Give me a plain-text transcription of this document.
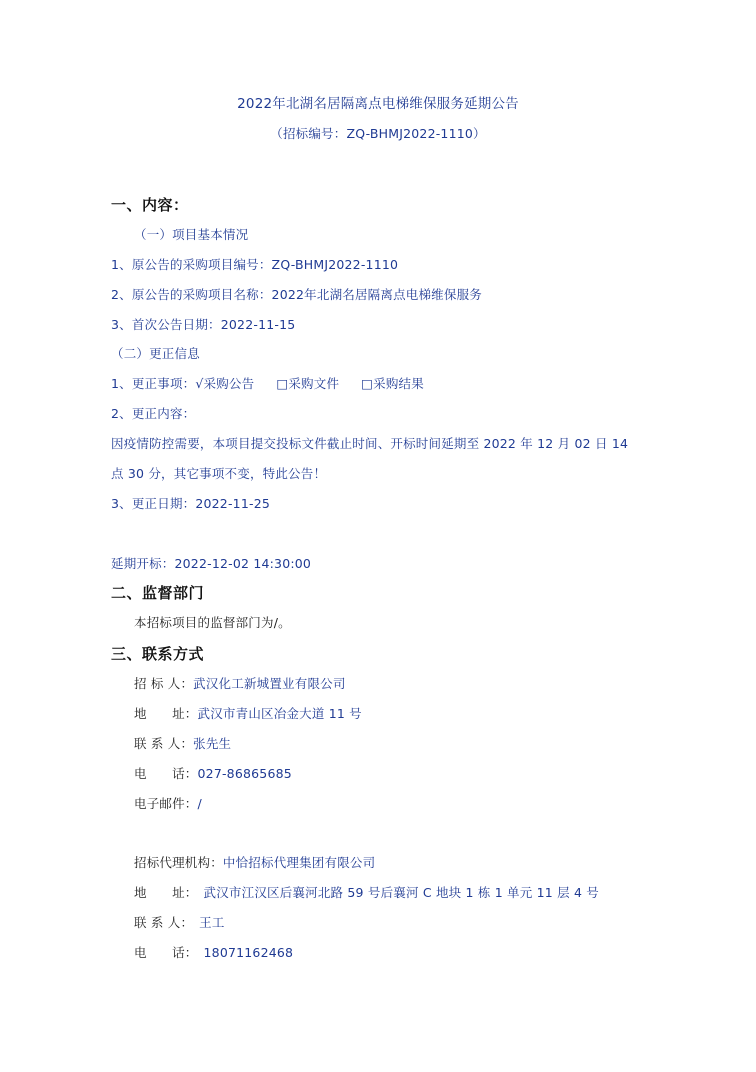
2022年北湖名居隔离点电梯维保服务延期公告
（招标编号：ZQ-BHMJ2022-1110）
一、内容：
（一）项目基本情况
1、原公告的采购项目编号：ZQ-BHMJ2022-1110
2、原公告的采购项目名称：2022年北湖名居隔离点电梯维保服务
3、首次公告日期：2022-11-15
（二）更正信息
1、更正事项：√采购公告 □采购文件 □采购结果
2、更正内容：
因疫情防控需要，本项目提交投标文件截止时间、开标时间延期至 2022 年 12 月 02 日 14
点 30 分，其它事项不变，特此公告！
3、更正日期：2022-11-25
延期开标：2022-12-02 14:30:00
二、监督部门
本招标项目的监督部门为/。
三、联系方式
招 标 人：武汉化工新城置业有限公司
地　　址：武汉市青山区冶金大道 11 号
联 系 人：张先生
电　　话：027-86865685
电子邮件：/
招标代理机构：中恰招标代理集团有限公司
地　　址： 武汉市江汉区后襄河北路 59 号后襄河 C 地块 1 栋 1 单元 11 层 4 号
联 系 人： 王工
电　　话： 18071162468
